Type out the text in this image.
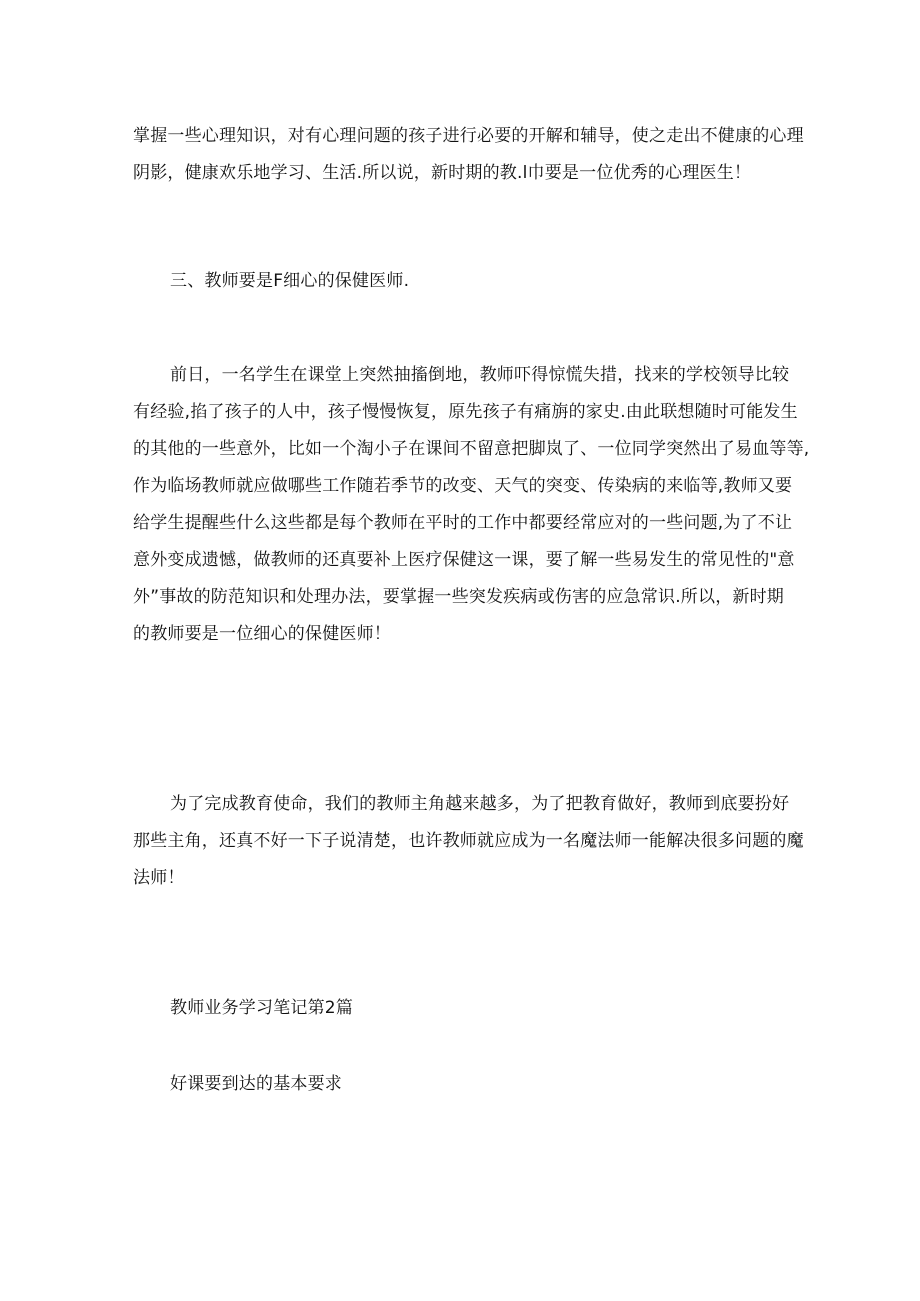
掌握一些心理知识，对有心理问题的孩子进行必要的开解和辅导，使之走出不健康的心理
阴影，健康欢乐地学习、生活.所以说，新时期的教.l巾要是一位优秀的心理医生！
三、教师要是F细心的保健医师.
前日，一名学生在课堂上突然抽搐倒地，教师吓得惊慌失措，找来的学校领导比较
有经验,掐了孩子的人中，孩子慢慢恢复，原先孩子有痛旃的家史.由此联想随时可能发生
的其他的一些意外，比如一个淘小子在课间不留意把脚岚了、一位同学突然出了易血等等,
作为临场教师就应做哪些工作随若季节的改变、天气的突变、传染病的来临等,教师又要
给学生提醒些什么这些都是每个教师在平时的工作中都要经常应对的一些问题,为了不让
意外变成遗憾，做教师的还真要补上医疗保健这一课，要了解一些易发生的常见性的"意
外”事故的防范知识和处理办法，要掌握一些突发疾病或伤害的应急常识.所以，新时期
的教师要是一位细心的保健医师！
为了完成教育使命，我们的教师主角越来越多，为了把教育做好，教师到底要扮好
那些主角，还真不好一下子说清楚，也许教师就应成为一名魔法师一能解决很多问题的魔
法师！
教师业务学习笔记第2篇
好课要到达的基本要求
